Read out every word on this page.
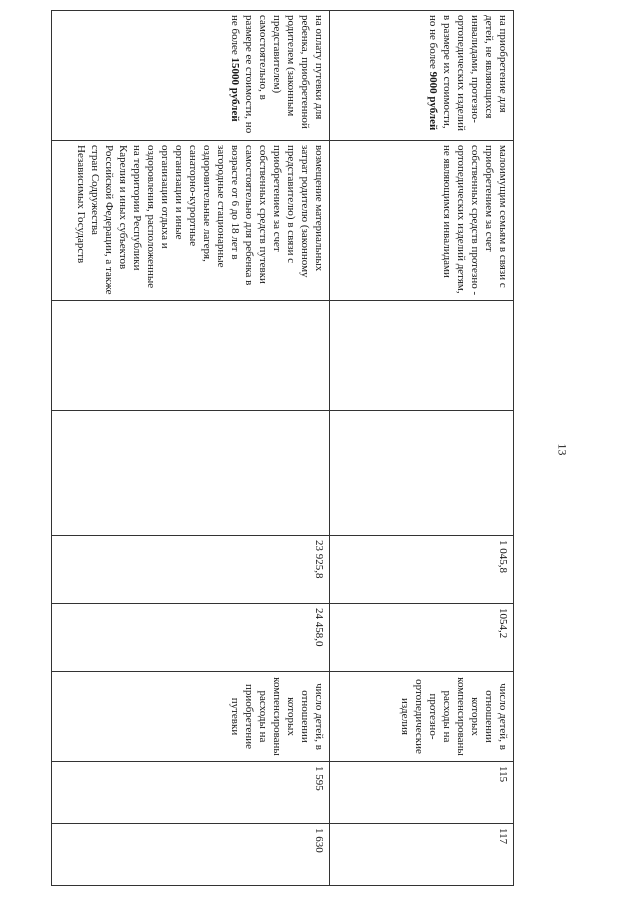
на приобретение для детей, не являющихся инвалидами, протезно-ортопедических изделий в размере их стоимости, но не более 9000 рублей	малоимущим семьям в связи с приобретением за счет собственных средств протезно - ортопедических изделий детям, не являющимся инвалидами			1 045,8	1054,2	число детей, в отношении которых компенсированы расходы на протезно-ортопедические изделия	115	117
на оплату путевки для ребенка, приобретенной родителем (законным представителем) самостоятельно, в размере ее стоимости, но не более 15000 рублей	возмещение материальных затрат родителю (законному представителю) в связи с приобретением за счет собственных средств путевки самостоятельно для ребенка в возрасте от 6 до 18 лет в загородные стационарные оздоровительные лагеря, санаторно-курортные организации и иные организации отдыха и оздоровления, расположенные на территории Республики Карелия и иных субъектов Российской Федерации, а также стран Содружества Независимых Государств			23 925,8	24 458,0	число детей, в отношении которых компенсированы расходы на приобретение путевки	1 595	1 630
13
